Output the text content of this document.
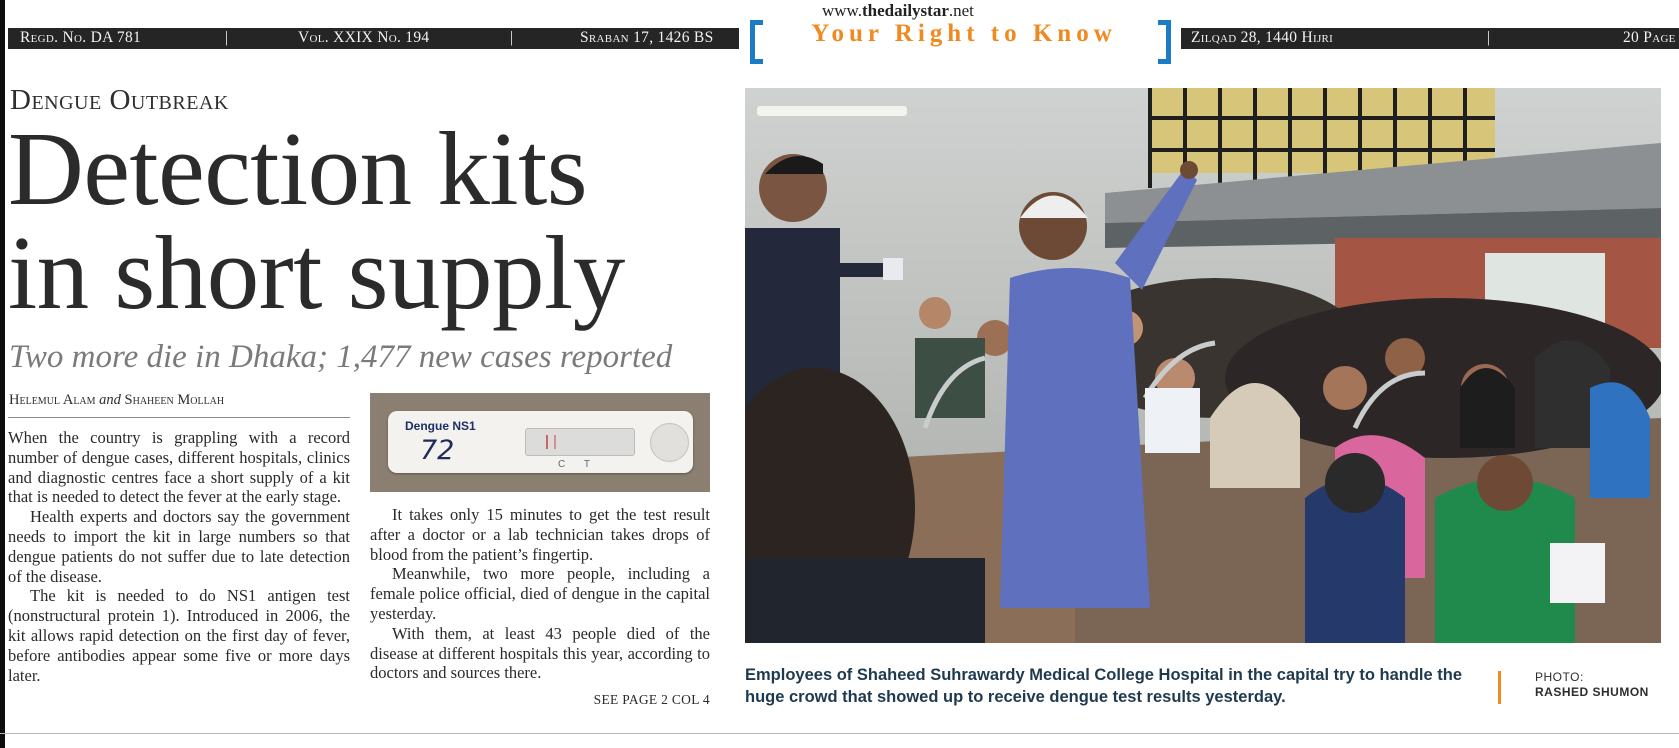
www.thedailystar.net
Regd. No. DA 781	|	Vol. XXIX No. 194	|	Sraban 17, 1426 BS	Your Right to Know	Zilqad 28, 1440 Hijri	|	20 Page
Dengue Outbreak
Detection kits
in short supply
Two more die in Dhaka; 1,477 new cases reported
Helemul Alam and Shaheen Mollah

When the country is grappling with a record number of dengue cases, different hospitals, clinics and diagnostic centres face a short supply of a kit that is needed to detect the fever at the early stage.

Health experts and doctors say the government needs to import the kit in large numbers so that dengue patients do not suffer due to late detection of the disease.

The kit is needed to do NS1 antigen test (nonstructural protein 1). Introduced in 2006, the kit allows rapid detection on the first day of fever, before antibodies appear some five or more days later.

Dengue NS1
72	C T

It takes only 15 minutes to get the test result after a doctor or a lab technician takes drops of blood from the patient’s fingertip.

Meanwhile, two more people, including a female police official, died of dengue in the capital yesterday.

With them, at least 43 people died of the disease at different hospitals this year, according to doctors and sources there.

SEE PAGE 2 COL 4
Employees of Shaheed Suhrawardy Medical College Hospital in the capital try to handle the huge crowd that showed up to receive dengue test results yesterday.
PHOTO:
RASHED SHUMON
